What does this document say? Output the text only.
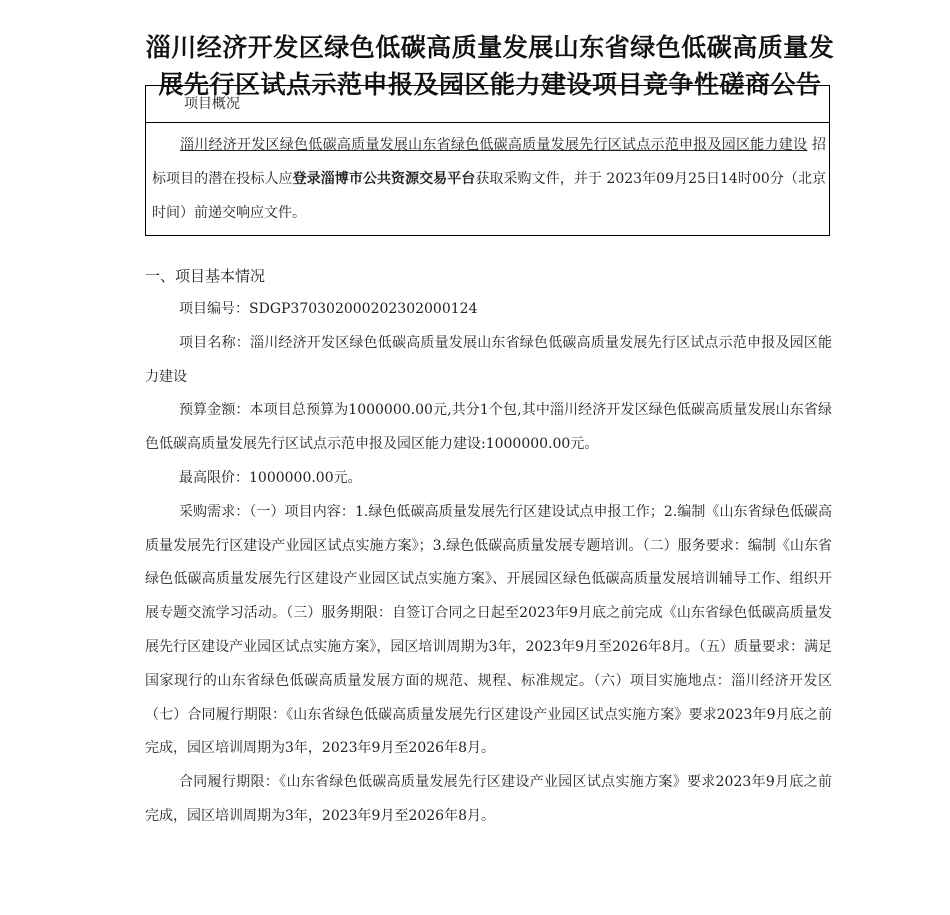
淄川经济开发区绿色低碳高质量发展山东省绿色低碳高质量发展先行区试点示范申报及园区能力建设项目竞争性磋商公告
项目概况
淄川经济开发区绿色低碳高质量发展山东省绿色低碳高质量发展先行区试点示范申报及园区能力建设 招标项目的潜在投标人应登录淄博市公共资源交易平台获取采购文件，并于 2023年09月25日14时00分（北京时间）前递交响应文件。
一、项目基本情况

项目编号：SDGP370302000202302000124

项目名称：淄川经济开发区绿色低碳高质量发展山东省绿色低碳高质量发展先行区试点示范申报及园区能力建设

预算金额：本项目总预算为1000000.00元,共分1个包,其中淄川经济开发区绿色低碳高质量发展山东省绿色低碳高质量发展先行区试点示范申报及园区能力建设:1000000.00元。

最高限价：1000000.00元。

采购需求：（一）项目内容：1.绿色低碳高质量发展先行区建设试点申报工作；2.编制《山东省绿色低碳高质量发展先行区建设产业园区试点实施方案》；3.绿色低碳高质量发展专题培训。（二）服务要求：编制《山东省绿色低碳高质量发展先行区建设产业园区试点实施方案》、开展园区绿色低碳高质量发展培训辅导工作、组织开展专题交流学习活动。（三）服务期限：自签订合同之日起至2023年9月底之前完成《山东省绿色低碳高质量发展先行区建设产业园区试点实施方案》，园区培训周期为3年，2023年9月至2026年8月。（五）质量要求：满足国家现行的山东省绿色低碳高质量发展方面的规范、规程、标准规定。（六）项目实施地点：淄川经济开发区（七）合同履行期限：《山东省绿色低碳高质量发展先行区建设产业园区试点实施方案》要求2023年9月底之前完成，园区培训周期为3年，2023年9月至2026年8月。

合同履行期限：《山东省绿色低碳高质量发展先行区建设产业园区试点实施方案》要求2023年9月底之前完成，园区培训周期为3年，2023年9月至2026年8月。
